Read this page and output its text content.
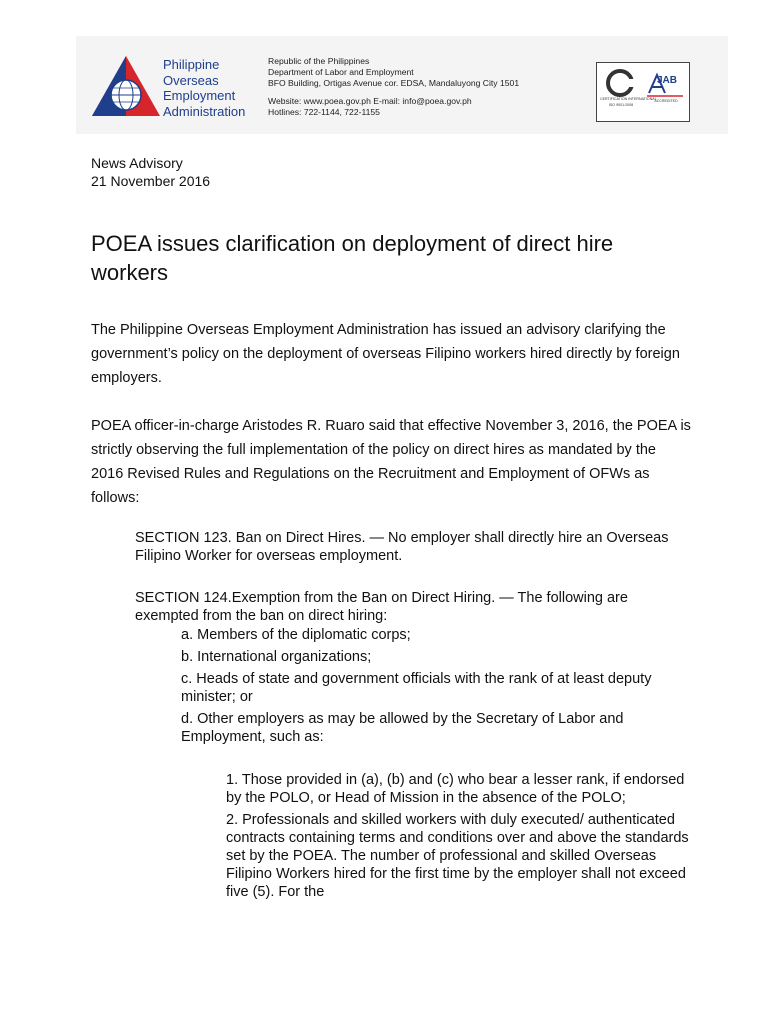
Philippine
Overseas
Employment
Administration
Republic of the Philippines
Department of Labor and Employment
BFO Building, Ortigas Avenue cor. EDSA, Mandaluyong City 1501
Website: www.poea.gov.ph E-mail: info@poea.gov.ph
Hotlines: 722-1144, 722-1155
CERTIFICATION INTERNATIONAL
ISO 9001:2008
JAB
ACCREDITED
News Advisory
21 November 2016
POEA issues clarification on deployment of direct hire workers

The Philippine Overseas Employment Administration has issued an advisory clarifying the government’s policy on the deployment of overseas Filipino workers hired directly by foreign employers.

POEA officer-in-charge Aristodes R. Ruaro said that effective November 3, 2016, the POEA is strictly observing the full implementation of the policy on direct hires as mandated by the 2016 Revised Rules and Regulations on the Recruitment and Employment of OFWs as follows:

SECTION 123. Ban on Direct Hires. — No employer shall directly hire an Overseas Filipino Worker for overseas employment.

SECTION 124.Exemption from the Ban on Direct Hiring. — The following are exempted from the ban on direct hiring:

a. Members of the diplomatic corps;
b. International organizations;
c. Heads of state and government officials with the rank of at least deputy minister; or
d. Other employers as may be allowed by the Secretary of Labor and Employment, such as:
1. Those provided in (a), (b) and (c) who bear a lesser rank, if endorsed by the POLO, or Head of Mission in the absence of the POLO;
2. Professionals and skilled workers with duly executed/ authenticated contracts containing terms and conditions over and above the standards set by the POEA. The number of professional and skilled Overseas Filipino Workers hired for the first time by the employer shall not exceed five (5). For the
